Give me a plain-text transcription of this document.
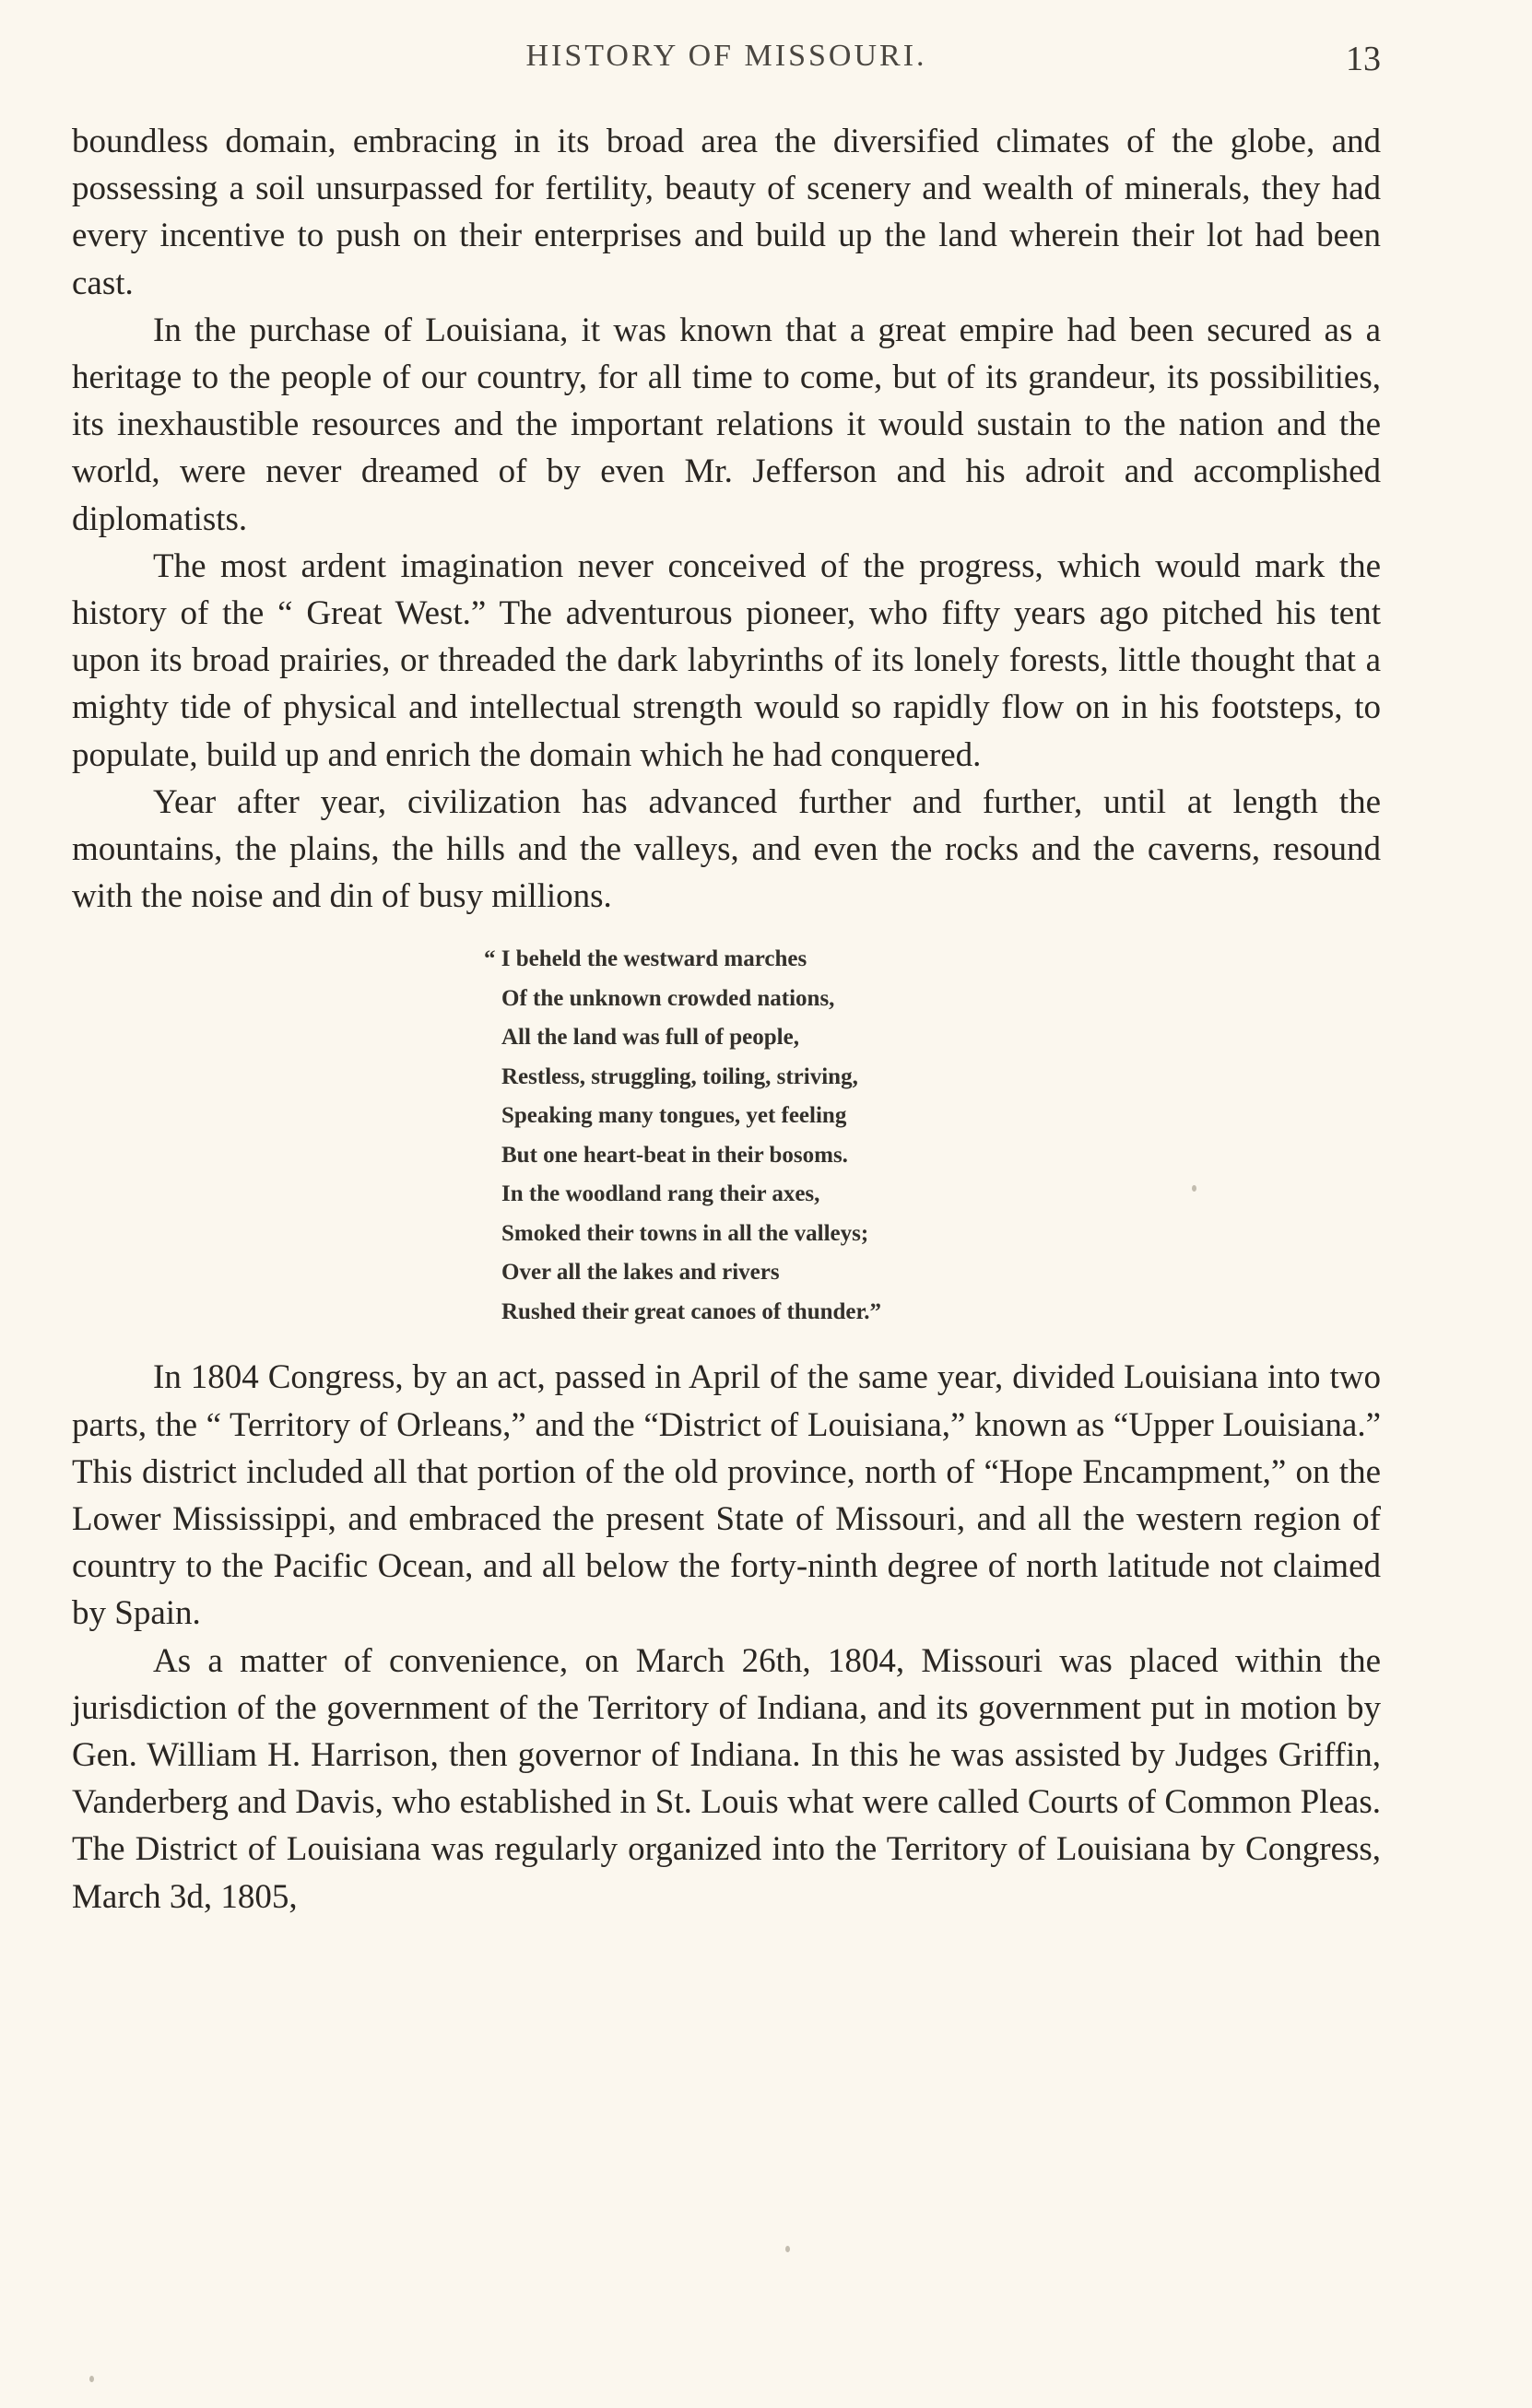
HISTORY OF MISSOURI.	13

boundless domain, embracing in its broad area the diversified climates of the globe, and possessing a soil unsurpassed for fertility, beauty of scenery and wealth of minerals, they had every incentive to push on their enterprises and build up the land wherein their lot had been cast.

In the purchase of Louisiana, it was known that a great empire had been secured as a heritage to the people of our country, for all time to come, but of its grandeur, its possibilities, its inexhaustible resources and the important relations it would sustain to the nation and the world, were never dreamed of by even Mr. Jefferson and his adroit and accomplished diplomatists.

The most ardent imagination never conceived of the progress, which would mark the history of the “ Great West.” The adventurous pioneer, who fifty years ago pitched his tent upon its broad prairies, or threaded the dark labyrinths of its lonely forests, little thought that a mighty tide of physical and intellectual strength would so rapidly flow on in his footsteps, to populate, build up and enrich the domain which he had conquered.

Year after year, civilization has advanced further and further, until at length the mountains, the plains, the hills and the valleys, and even the rocks and the caverns, resound with the noise and din of busy millions.

“ I beheld the westward marches
Of the unknown crowded nations,
All the land was full of people,
Restless, struggling, toiling, striving,
Speaking many tongues, yet feeling
But one heart-beat in their bosoms.
In the woodland rang their axes,
Smoked their towns in all the valleys;
Over all the lakes and rivers
Rushed their great canoes of thunder.”

In 1804 Congress, by an act, passed in April of the same year, divided Louisiana into two parts, the “ Territory of Orleans,” and the “District of Louisiana,” known as “Upper Louisiana.” This district included all that portion of the old province, north of “Hope Encampment,” on the Lower Mississippi, and embraced the present State of Missouri, and all the western region of country to the Pacific Ocean, and all below the forty-ninth degree of north latitude not claimed by Spain.

As a matter of convenience, on March 26th, 1804, Missouri was placed within the jurisdiction of the government of the Territory of Indiana, and its government put in motion by Gen. William H. Harrison, then governor of Indiana. In this he was assisted by Judges Griffin, Vanderberg and Davis, who established in St. Louis what were called Courts of Common Pleas. The District of Louisiana was regularly organized into the Territory of Louisiana by Congress, March 3d, 1805,
